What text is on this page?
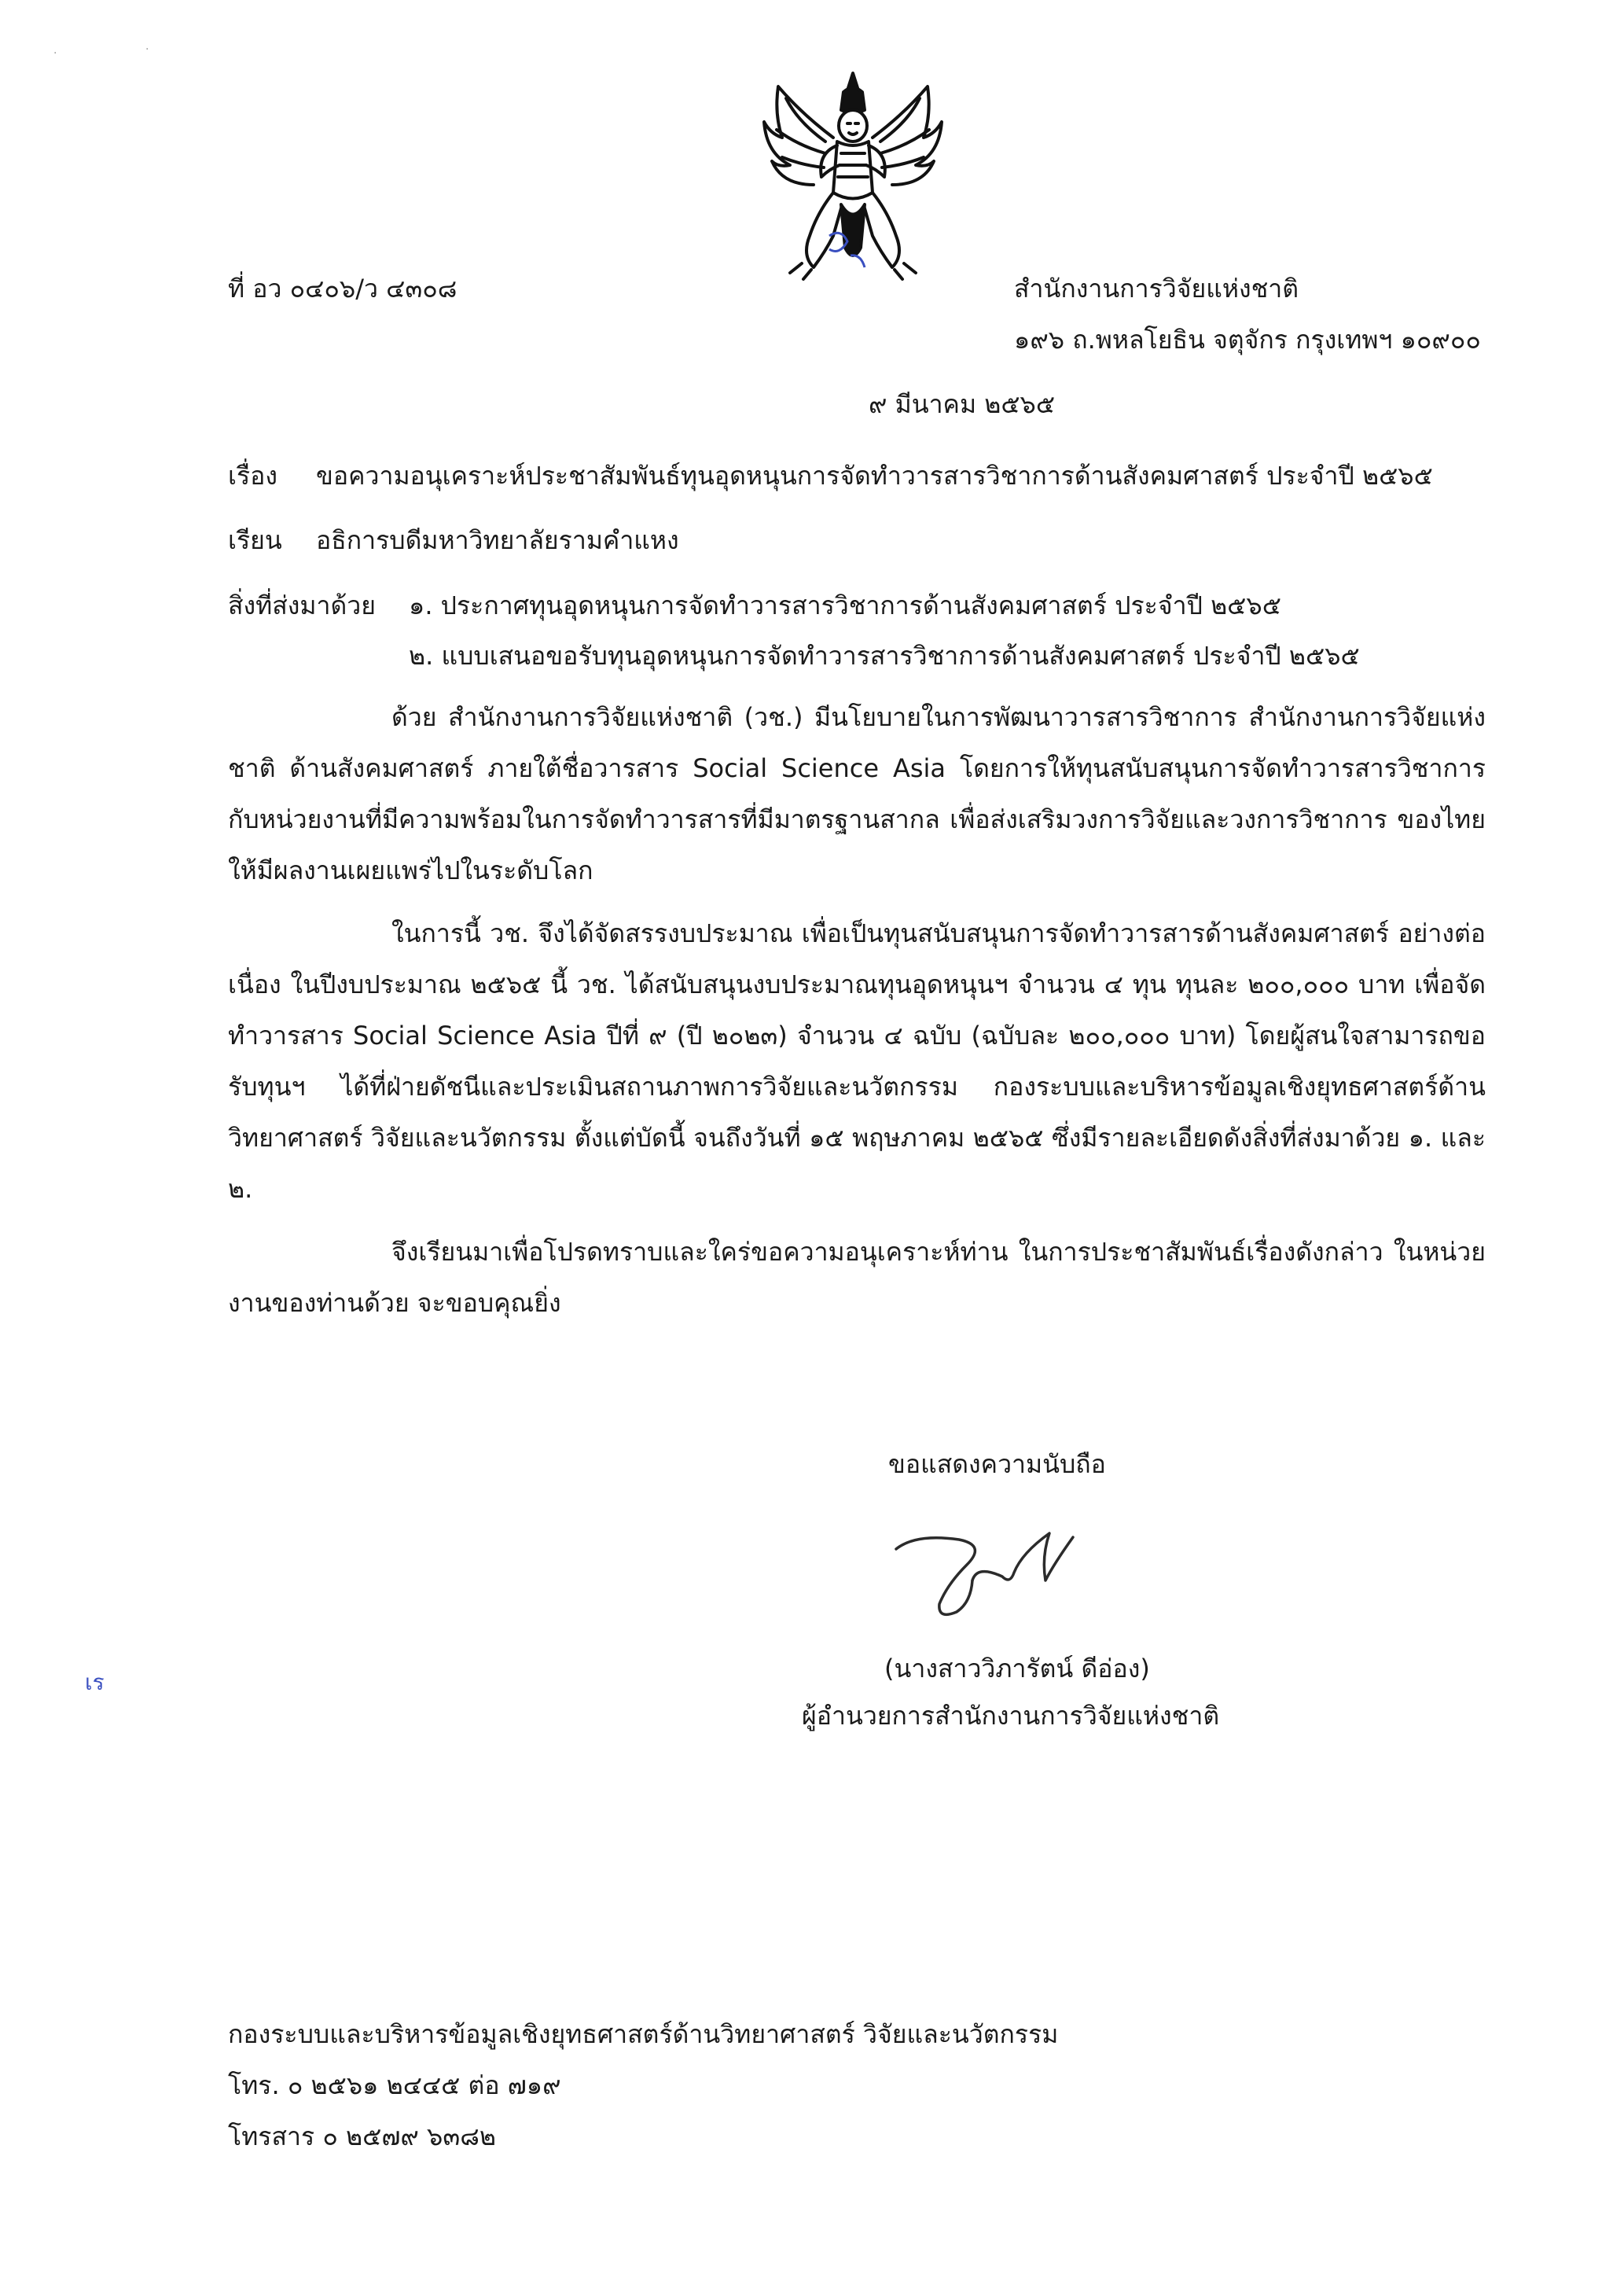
·	·
ที่ อว ๐๔๐๖/ว ๔๓๐๘	สำนักงานการวิจัยแห่งชาติ
๑๙๖ ถ.พหลโยธิน จตุจักร กรุงเทพฯ ๑๐๙๐๐
๙ มีนาคม ๒๕๖๕
เรื่อง ขอความอนุเคราะห์ประชาสัมพันธ์ทุนอุดหนุนการจัดทำวารสารวิชาการด้านสังคมศาสตร์ ประจำปี ๒๕๖๕
เรียน อธิการบดีมหาวิทยาลัยรามคำแหง
สิ่งที่ส่งมาด้วย ๑. ประกาศทุนอุดหนุนการจัดทำวารสารวิชาการด้านสังคมศาสตร์ ประจำปี ๒๕๖๕
๒. แบบเสนอขอรับทุนอุดหนุนการจัดทำวารสารวิชาการด้านสังคมศาสตร์ ประจำปี ๒๕๖๕
ด้วย สำนักงานการวิจัยแห่งชาติ (วช.) มีนโยบายในการพัฒนาวารสารวิชาการ สำนักงานการวิจัยแห่งชาติ ด้านสังคมศาสตร์ ภายใต้ชื่อวารสาร Social Science Asia โดยการให้ทุนสนับสนุนการจัดทำวารสารวิชาการ กับหน่วยงานที่มีความพร้อมในการจัดทำวารสารที่มีมาตรฐานสากล เพื่อส่งเสริมวงการวิจัยและวงการวิชาการ ของไทยให้มีผลงานเผยแพร่ไปในระดับโลก
ในการนี้ วช. จึงได้จัดสรรงบประมาณ เพื่อเป็นทุนสนับสนุนการจัดทำวารสารด้านสังคมศาสตร์ อย่างต่อเนื่อง ในปีงบประมาณ ๒๕๖๕ นี้ วช. ได้สนับสนุนงบประมาณทุนอุดหนุนฯ จำนวน ๔ ทุน ทุนละ ๒๐๐,๐๐๐ บาท เพื่อจัดทำวารสาร Social Science Asia ปีที่ ๙ (ปี ๒๐๒๓) จำนวน ๔ ฉบับ (ฉบับละ ๒๐๐,๐๐๐ บาท) โดยผู้สนใจสามารถขอรับทุนฯ ได้ที่ฝ่ายดัชนีและประเมินสถานภาพการวิจัยและนวัตกรรม กองระบบและบริหารข้อมูลเชิงยุทธศาสตร์ด้านวิทยาศาสตร์ วิจัยและนวัตกรรม ตั้งแต่บัดนี้ จนถึงวันที่ ๑๕ พฤษภาคม ๒๕๖๕ ซึ่งมีรายละเอียดดังสิ่งที่ส่งมาด้วย ๑. และ ๒.
จึงเรียนมาเพื่อโปรดทราบและใคร่ขอความอนุเคราะห์ท่าน ในการประชาสัมพันธ์เรื่องดังกล่าว ในหน่วยงานของท่านด้วย จะขอบคุณยิ่ง
ขอแสดงความนับถือ
(นางสาววิภารัตน์ ดีอ่อง)
ผู้อำนวยการสำนักงานการวิจัยแห่งชาติ
เร
กองระบบและบริหารข้อมูลเชิงยุทธศาสตร์ด้านวิทยาศาสตร์ วิจัยและนวัตกรรม
โทร. ๐ ๒๕๖๑ ๒๔๔๕ ต่อ ๗๑๙
โทรสาร ๐ ๒๕๗๙ ๖๓๘๒
